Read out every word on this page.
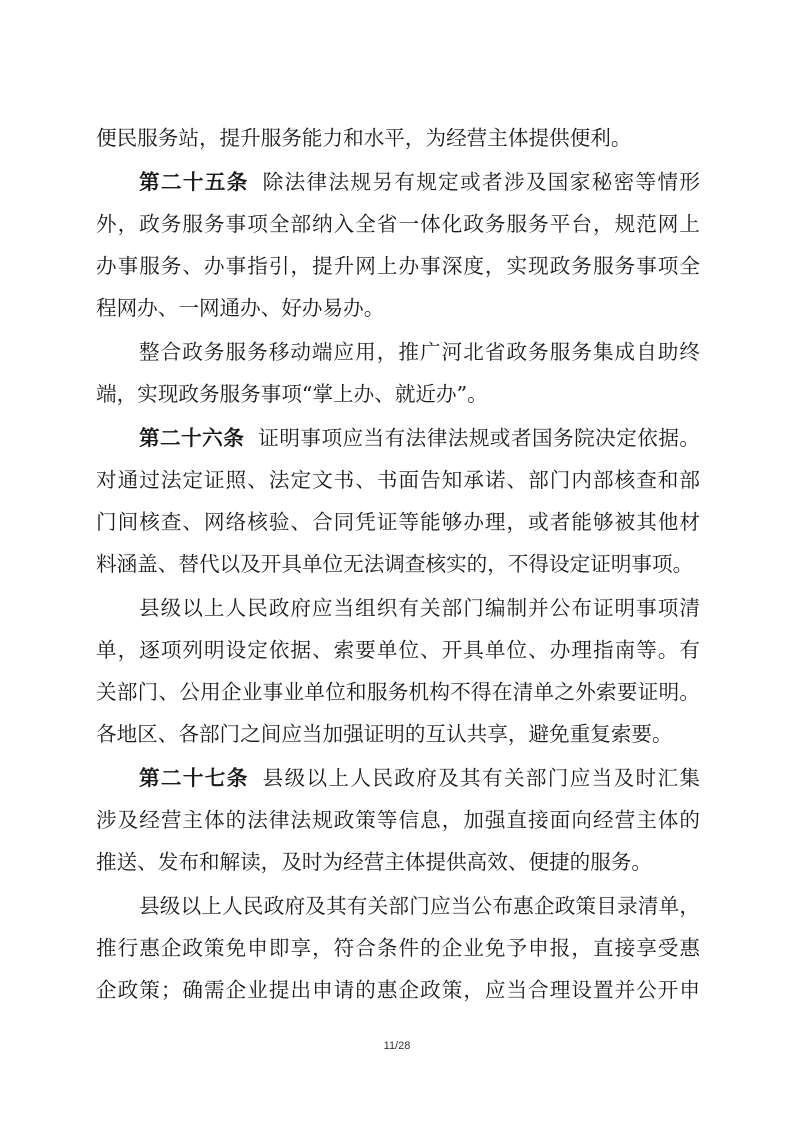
便民服务站，提升服务能力和水平，为经营主体提供便利。
第二十五条 除法律法规另有规定或者涉及国家秘密等情形
外，政务服务事项全部纳入全省一体化政务服务平台，规范网上
办事服务、办事指引，提升网上办事深度，实现政务服务事项全
程网办、一网通办、好办易办。
整合政务服务移动端应用，推广河北省政务服务集成自助终
端，实现政务服务事项“掌上办、就近办”。
第二十六条 证明事项应当有法律法规或者国务院决定依据。
对通过法定证照、法定文书、书面告知承诺、部门内部核查和部
门间核查、网络核验、合同凭证等能够办理，或者能够被其他材
料涵盖、替代以及开具单位无法调查核实的，不得设定证明事项。
县级以上人民政府应当组织有关部门编制并公布证明事项清
单，逐项列明设定依据、索要单位、开具单位、办理指南等。有
关部门、公用企业事业单位和服务机构不得在清单之外索要证明。
各地区、各部门之间应当加强证明的互认共享，避免重复索要。
第二十七条 县级以上人民政府及其有关部门应当及时汇集
涉及经营主体的法律法规政策等信息，加强直接面向经营主体的
推送、发布和解读，及时为经营主体提供高效、便捷的服务。
县级以上人民政府及其有关部门应当公布惠企政策目录清单，
推行惠企政策免申即享，符合条件的企业免予申报，直接享受惠
企政策；确需企业提出申请的惠企政策，应当合理设置并公开申
11/28
